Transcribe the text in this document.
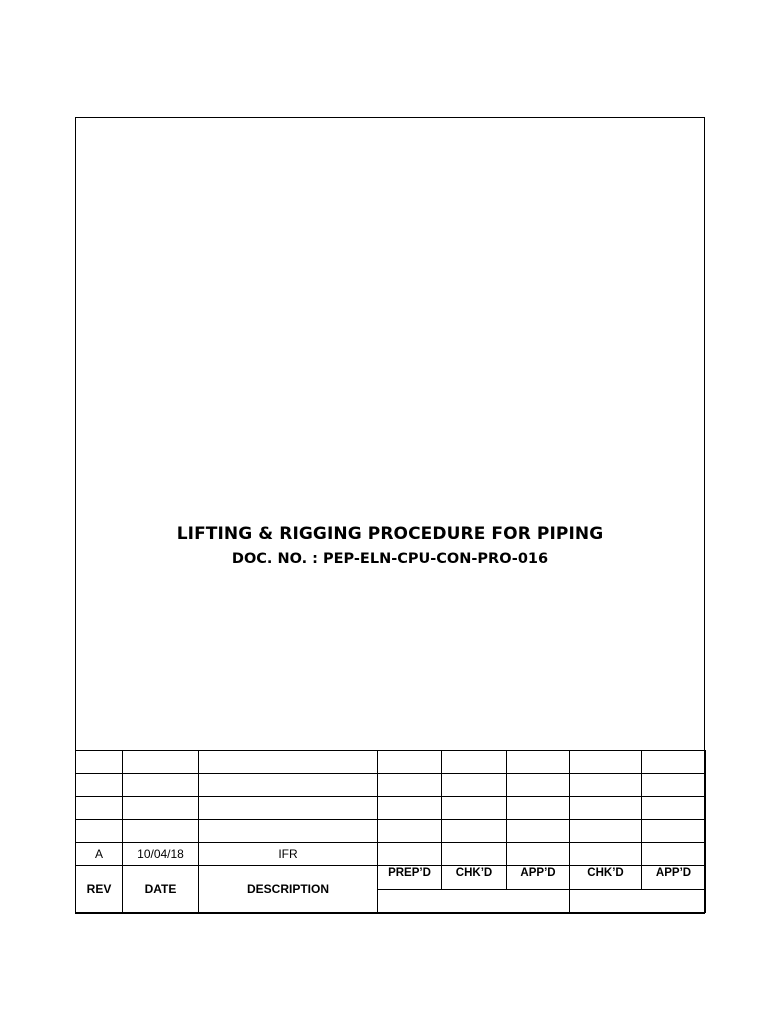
LIFTING & RIGGING PROCEDURE FOR PIPING
DOC. NO. : PEP-ELN-CPU-CON-PRO-016

A	10/04/18	IFR					
REV	DATE	DESCRIPTION	PREP’D	CHK’D	APP’D	CHK’D	APP’D
